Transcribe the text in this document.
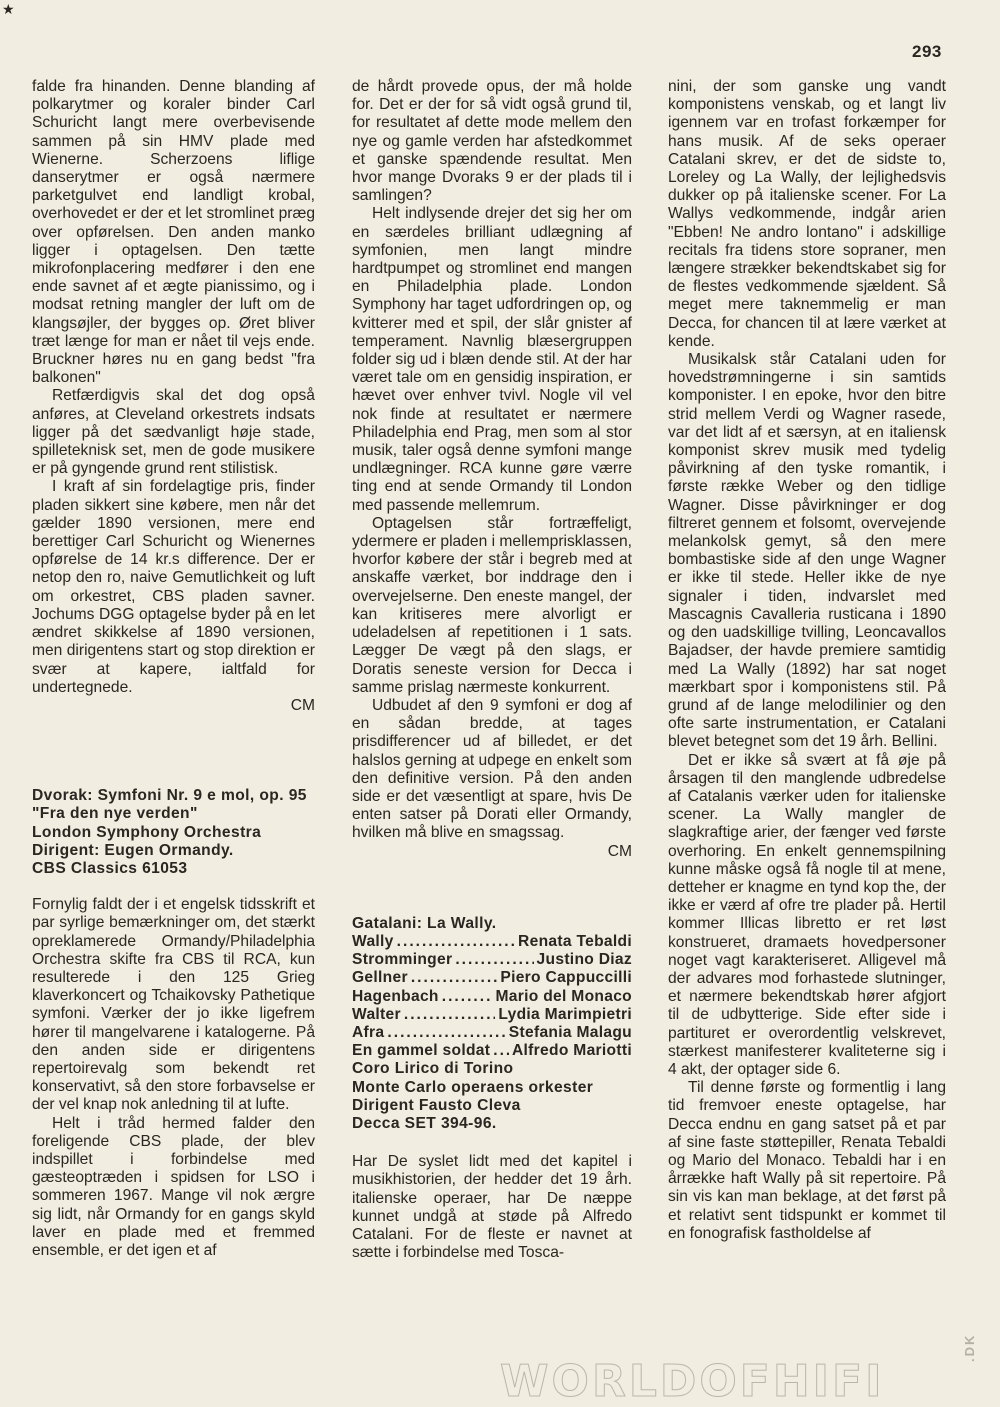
★
293

falde fra hinanden. Denne blanding af polkarytmer og koraler binder Carl Schuricht langt mere overbevisende sammen på sin HMV plade med Wienerne. Scherzoens liflige danserytmer er også nærmere parketgulvet end landligt krobal, overhovedet er der et let stromlinet præg over opførelsen. Den anden manko ligger i optagelsen. Den tætte mikrofonplacering medfører i den ene ende savnet af et ægte pianissimo, og i modsat retning mangler der luft om de klangsøjler, der bygges op. Øret bliver træt længe for man er nået til vejs ende. Bruckner høres nu en gang bedst "fra balkonen"

Retfærdigvis skal det dog opså anføres, at Cleveland orkestrets indsats ligger på det sædvanligt høje stade, spilleteknisk set, men de gode musikere er på gyngende grund rent stilistisk.

I kraft af sin fordelagtige pris, finder pladen sikkert sine købere, men når det gælder 1890 versionen, mere end berettiger Carl Schuricht og Wienernes opførelse de 14 kr.s difference. Der er netop den ro, naive Gemutlichkeit og luft om orkestret, CBS pladen savner. Jochums DGG optagelse byder på en let ændret skikkelse af 1890 versionen, men dirigentens start og stop direktion er svær at kapere, ialtfald for undertegnede.

CM

Dvorak: Symfoni Nr. 9 e mol, op. 95 "Fra den nye verden"

London Symphony Orchestra

Dirigent: Eugen Ormandy.

CBS Classics 61053

Fornylig faldt der i et engelsk tidsskrift et par syrlige bemærkninger om, det stærkt opreklamerede Ormandy/Philadelphia Orchestra skifte fra CBS til RCA, kun resulterede i den 125 Grieg klaverkoncert og Tchaikovsky Pathetique symfoni. Værker der jo ikke ligefrem hører til mangelvarene i katalogerne. På den anden side er dirigentens repertoirevalg som bekendt ret konservativt, så den store forbavselse er der vel knap nok anledning til at lufte.

Helt i tråd hermed falder den foreligende CBS plade, der blev indspillet i forbindelse med gæsteoptræden i spidsen for LSO i sommeren 1967. Mange vil nok ærgre sig lidt, når Ormandy for en gangs skyld laver en plade med et fremmed ensemble, er det igen et af

de hårdt provede opus, der må holde for. Det er der for så vidt også grund til, for resultatet af dette mode mellem den nye og gamle verden har afstedkommet et ganske spændende resultat. Men hvor mange Dvoraks 9 er der plads til i samlingen?

Helt indlysende drejer det sig her om en særdeles brilliant udlægning af symfonien, men langt mindre hardtpumpet og stromlinet end mangen en Philadelphia plade. London Symphony har taget udfordringen op, og kvitterer med et spil, der slår gnister af temperament. Navnlig blæsergruppen folder sig ud i blæn dende stil. At der har været tale om en gensidig inspiration, er hævet over enhver tvivl. Nogle vil vel nok finde at resultatet er nærmere Philadelphia end Prag, men som al stor musik, taler også denne symfoni mange undlægninger. RCA kunne gøre værre ting end at sende Ormandy til London med passende mellemrum.

Optagelsen står fortræffeligt, ydermere er pladen i mellemprisklassen, hvorfor købere der står i begreb med at anskaffe værket, bor inddrage den i overvejelserne. Den eneste mangel, der kan kritiseres mere alvorligt er udeladelsen af repetitionen i 1 sats. Lægger De vægt på den slags, er Doratis seneste version for Decca i samme prislag nærmeste konkurrent.

Udbudet af den 9 symfoni er dog af en sådan bredde, at tages prisdifferencer ud af billedet, er det halslos gerning at udpege en enkelt som den definitive version. På den anden side er det væsentligt at spare, hvis De enten satser på Dorati eller Ormandy, hvilken må blive en smagssag.

CM

Gatalani: La Wally.

Wally .....	Renata Tebaldi
Stromminger .....	Justino Diaz
Gellner .....	Piero Cappuccilli
Hagenbach .....	Mario del Monaco
Walter .....	Lydia Marimpietri
Afra .....	Stefania Malagu
En gammel soldat ..... Alfredo Mariotti

Coro Lirico di Torino

Monte Carlo operaens orkester

Dirigent Fausto Cleva

Decca SET 394-96.

Har De syslet lidt med det kapitel i musikhistorien, der hedder det 19 årh. italienske operaer, har De næppe kunnet undgå at støde på Alfredo Catalani. For de fleste er navnet at sætte i forbindelse med Tosca-

nini, der som ganske ung vandt komponistens venskab, og et langt liv igennem var en trofast forkæmper for hans musik. Af de seks operaer Catalani skrev, er det de sidste to, Loreley og La Wally, der lejlighedsvis dukker op på italienske scener. For La Wallys vedkommende, indgår arien "Ebben! Ne andro lontano" i adskillige recitals fra tidens store sopraner, men længere strækker bekendtskabet sig for de flestes vedkommende sjældent. Så meget mere taknemmelig er man Decca, for chancen til at lære værket at kende.

Musikalsk står Catalani uden for hovedstrømningerne i sin samtids komponister. I en epoke, hvor den bitre strid mellem Verdi og Wagner rasede, var det lidt af et særsyn, at en italiensk komponist skrev musik med tydelig påvirkning af den tyske romantik, i første række Weber og den tidlige Wagner. Disse påvirkninger er dog filtreret gennem et folsomt, overvejende melankolsk gemyt, så den mere bombastiske side af den unge Wagner er ikke til stede. Heller ikke de nye signaler i tiden, indvarslet med Mascagnis Cavalleria rusticana i 1890 og den uadskillige tvilling, Leoncavallos Bajadser, der havde premiere samtidig med La Wally (1892) har sat noget mærkbart spor i komponistens stil. På grund af de lange melodilinier og den ofte sarte instrumentation, er Catalani blevet betegnet som det 19 årh. Bellini.

Det er ikke så svært at få øje på årsagen til den manglende udbredelse af Catalanis værker uden for italienske scener. La Wally mangler de slagkraftige arier, der fænger ved første overhoring. En enkelt gennemspilning kunne måske også få nogle til at mene, detteher er knagme en tynd kop the, der ikke er værd af ofre tre plader på. Hertil kommer Illicas libretto er ret løst konstrueret, dramaets hovedpersoner noget vagt karakteriseret. Alligevel må der advares mod forhastede slutninger, et nærmere bekendtskab hører afgjort til de udbytterige. Side efter side i partituret er overordentlig velskrevet, stærkest manifesterer kvaliteterne sig i 4 akt, der optager side 6.

Til denne første og formentlig i lang tid fremvoer eneste optagelse, har Decca endnu en gang satset på et par af sine faste støttepiller, Renata Tebaldi og Mario del Monaco. Tebaldi har i en årrække haft Wally på sit repertoire. På sin vis kan man beklage, at det først på et relativt sent tidspunkt er kommet til en fonografisk fastholdelse af

WORLDOFHIFI
.DK
